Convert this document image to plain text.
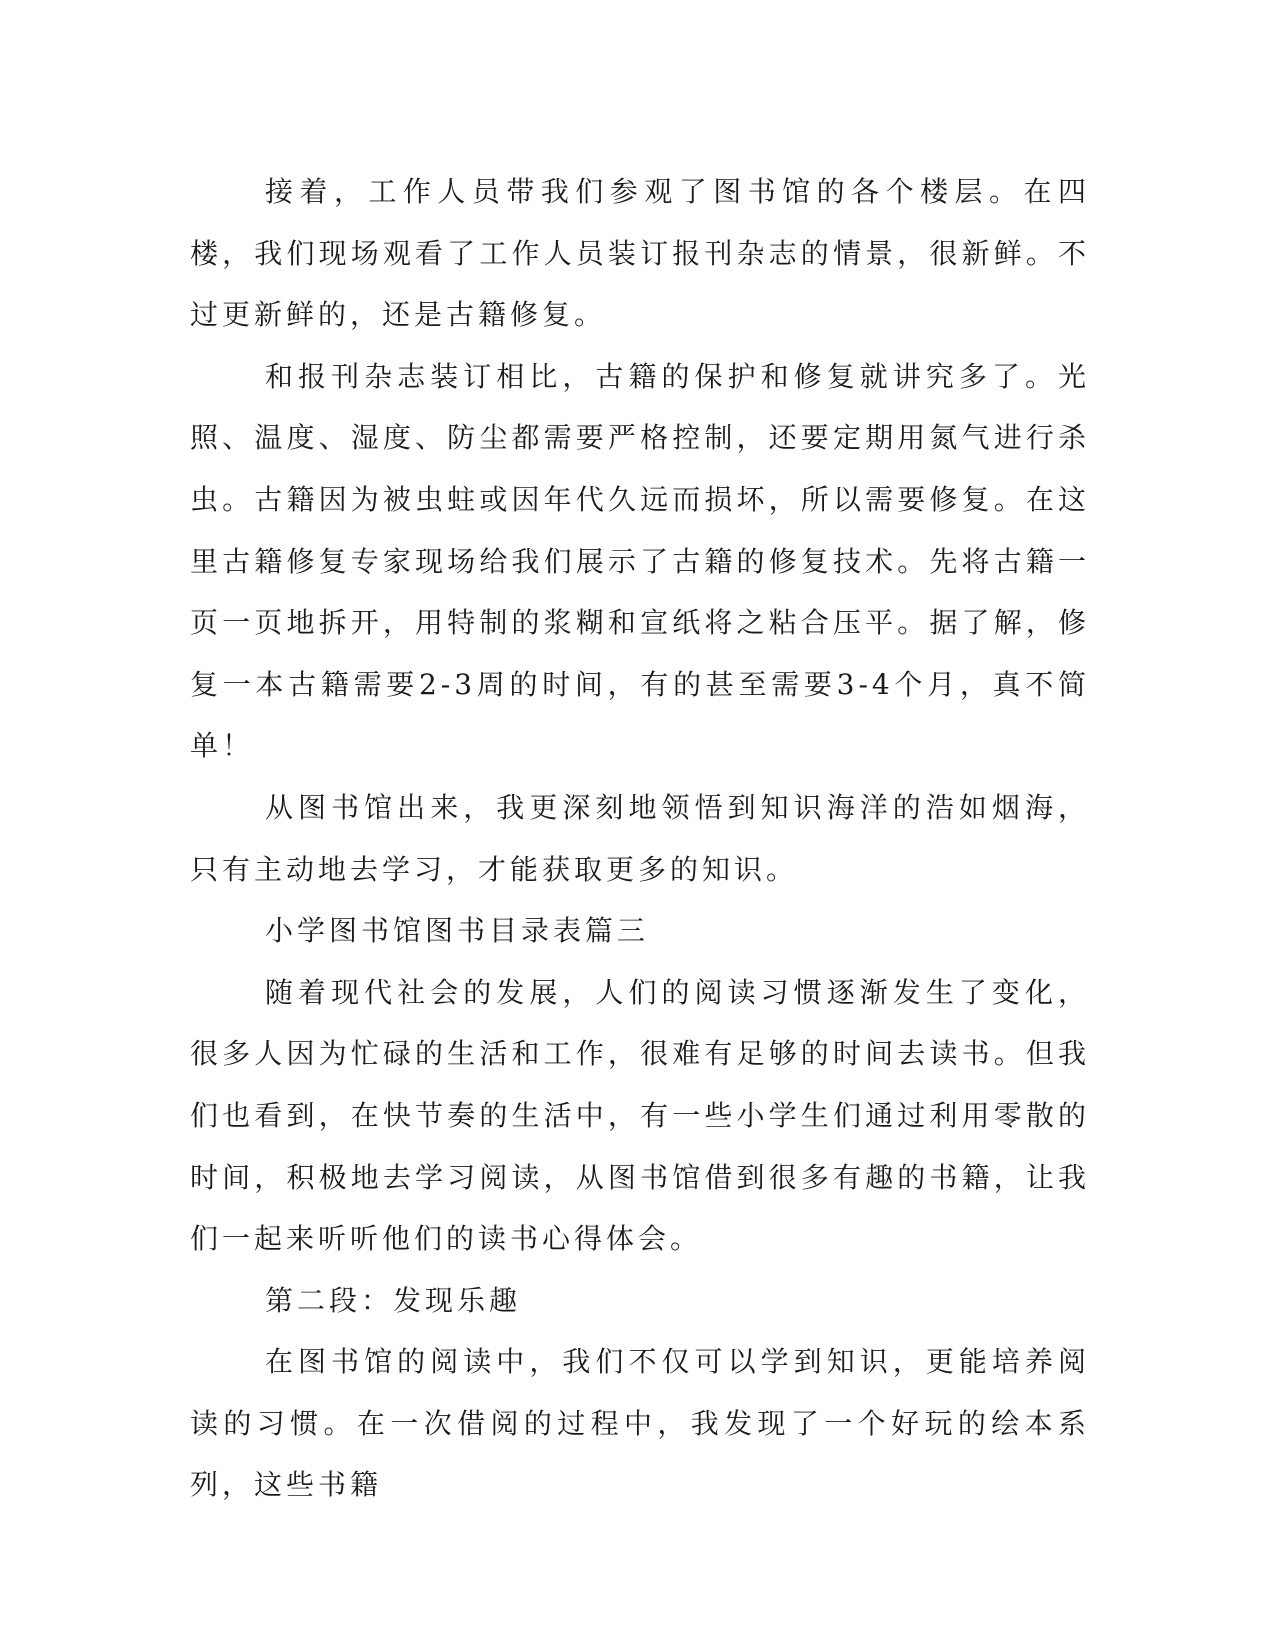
接着，工作人员带我们参观了图书馆的各个楼层。在四楼，我们现场观看了工作人员装订报刊杂志的情景，很新鲜。不过更新鲜的，还是古籍修复。

和报刊杂志装订相比，古籍的保护和修复就讲究多了。光照、温度、湿度、防尘都需要严格控制，还要定期用氮气进行杀虫。古籍因为被虫蛀或因年代久远而损坏，所以需要修复。在这里古籍修复专家现场给我们展示了古籍的修复技术。先将古籍一页一页地拆开，用特制的浆糊和宣纸将之粘合压平。据了解，修复一本古籍需要2-3周的时间，有的甚至需要3-4个月，真不简单！

从图书馆出来，我更深刻地领悟到知识海洋的浩如烟海，只有主动地去学习，才能获取更多的知识。

小学图书馆图书目录表篇三

随着现代社会的发展，人们的阅读习惯逐渐发生了变化，很多人因为忙碌的生活和工作，很难有足够的时间去读书。但我们也看到，在快节奏的生活中，有一些小学生们通过利用零散的时间，积极地去学习阅读，从图书馆借到很多有趣的书籍，让我们一起来听听他们的读书心得体会。

第二段：发现乐趣

在图书馆的阅读中，我们不仅可以学到知识，更能培养阅读的习惯。在一次借阅的过程中，我发现了一个好玩的绘本系列，这些书籍
